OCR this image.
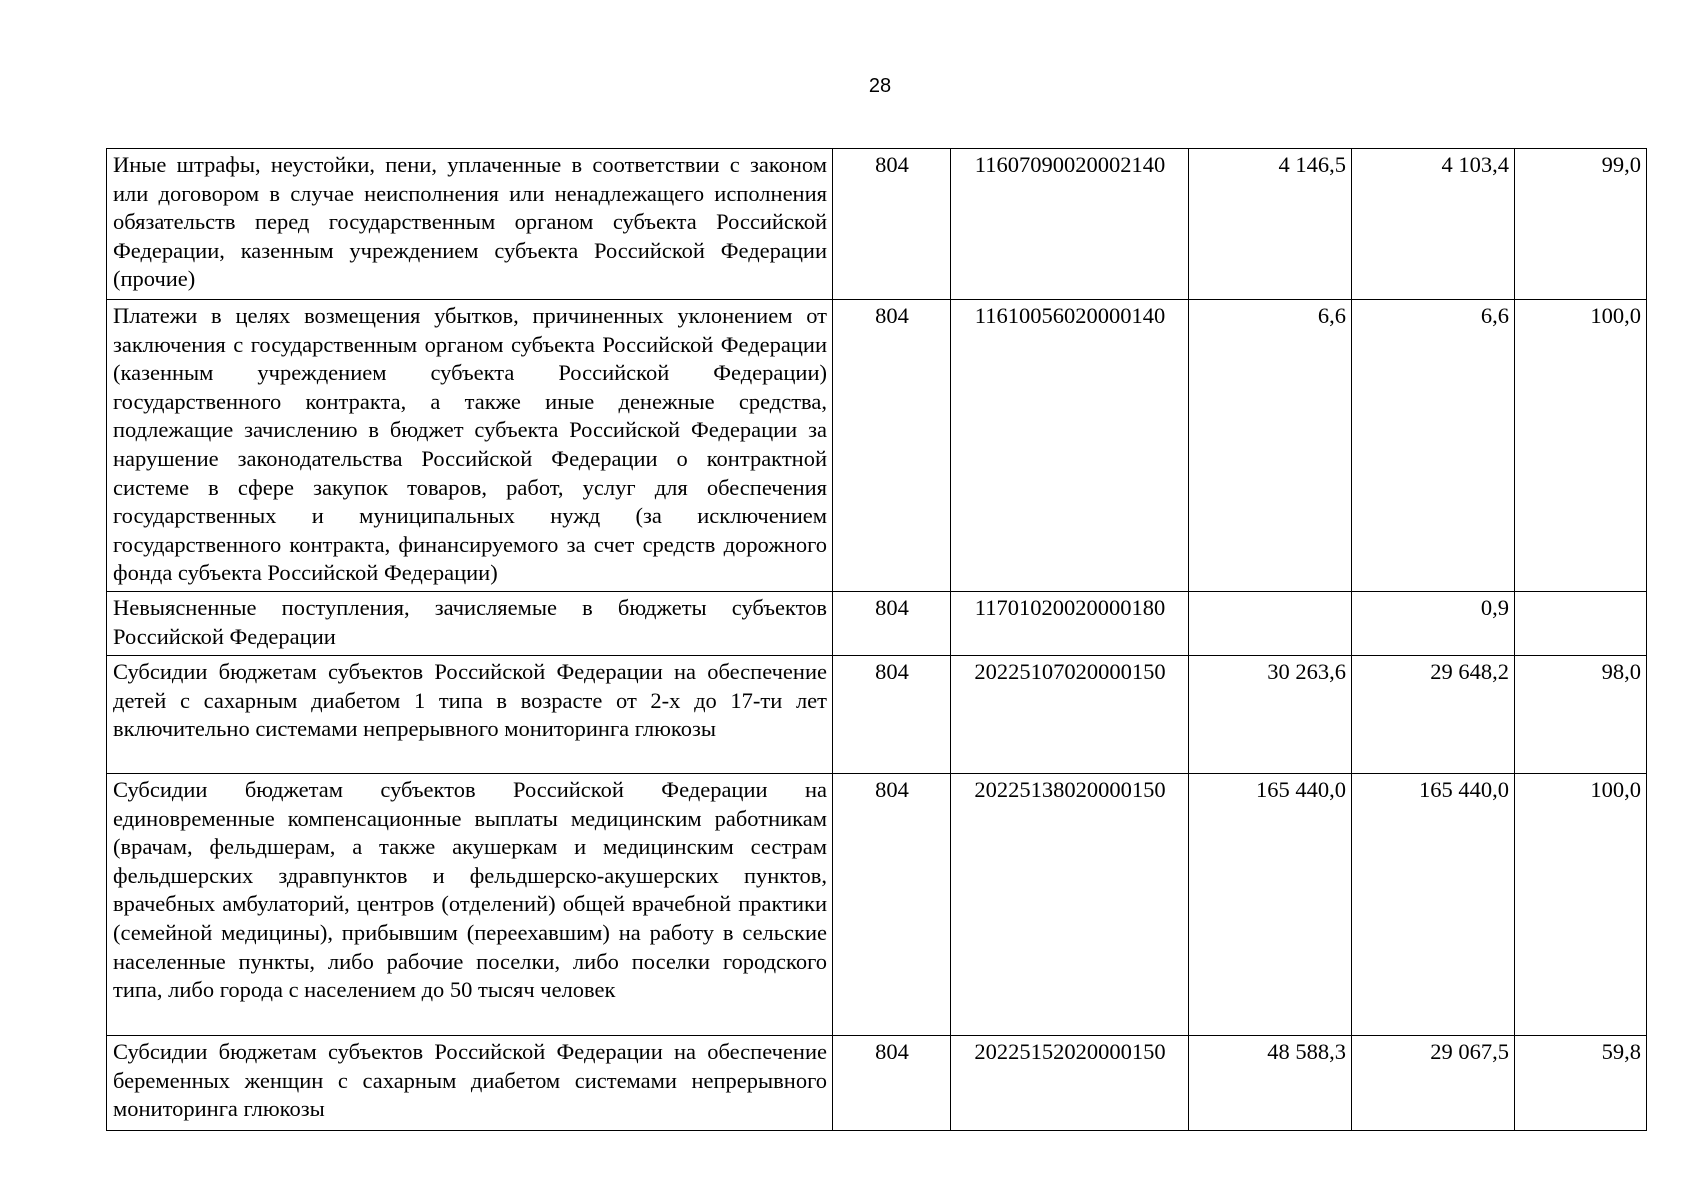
28
Иные штрафы, неустойки, пени, уплаченные в соответствии с законом или договором в случае неисполнения или ненадлежащего исполнения обязательств перед государственным органом субъекта Российской Федерации, казенным учреждением субъекта Российской Федерации (прочие)	804	11607090020002140	4 146,5	4 103,4	99,0
Платежи в целях возмещения убытков, причиненных уклонением от заключения с государственным органом субъекта Российской Федерации (казенным учреждением субъекта Российской Федерации) государственного контракта, а также иные денежные средства, подлежащие зачислению в бюджет субъекта Российской Федерации за нарушение законодательства Российской Федерации о контрактной системе в сфере закупок товаров, работ, услуг для обеспечения государственных и муниципальных нужд (за исключением государственного контракта, финансируемого за счет средств дорожного фонда субъекта Российской Федерации)	804	11610056020000140	6,6	6,6	100,0
Невыясненные поступления, зачисляемые в бюджеты субъектов Российской Федерации	804	11701020020000180		0,9	
Субсидии бюджетам субъектов Российской Федерации на обеспечение детей с сахарным диабетом 1 типа в возрасте от 2-х до 17-ти лет включительно системами непрерывного мониторинга глюкозы	804	20225107020000150	30 263,6	29 648,2	98,0
Субсидии бюджетам субъектов Российской Федерации на единовременные компенсационные выплаты медицинским работникам (врачам, фельдшерам, а также акушеркам и медицинским сестрам фельдшерских здравпунктов и фельдшерско-акушерских пунктов, врачебных амбулаторий, центров (отделений) общей врачебной практики (семейной медицины), прибывшим (переехавшим) на работу в сельские населенные пункты, либо рабочие поселки, либо поселки городского типа, либо города с населением до 50 тысяч человек	804	20225138020000150	165 440,0	165 440,0	100,0
Субсидии бюджетам субъектов Российской Федерации на обеспечение беременных женщин с сахарным диабетом системами непрерывного мониторинга глюкозы	804	20225152020000150	48 588,3	29 067,5	59,8
